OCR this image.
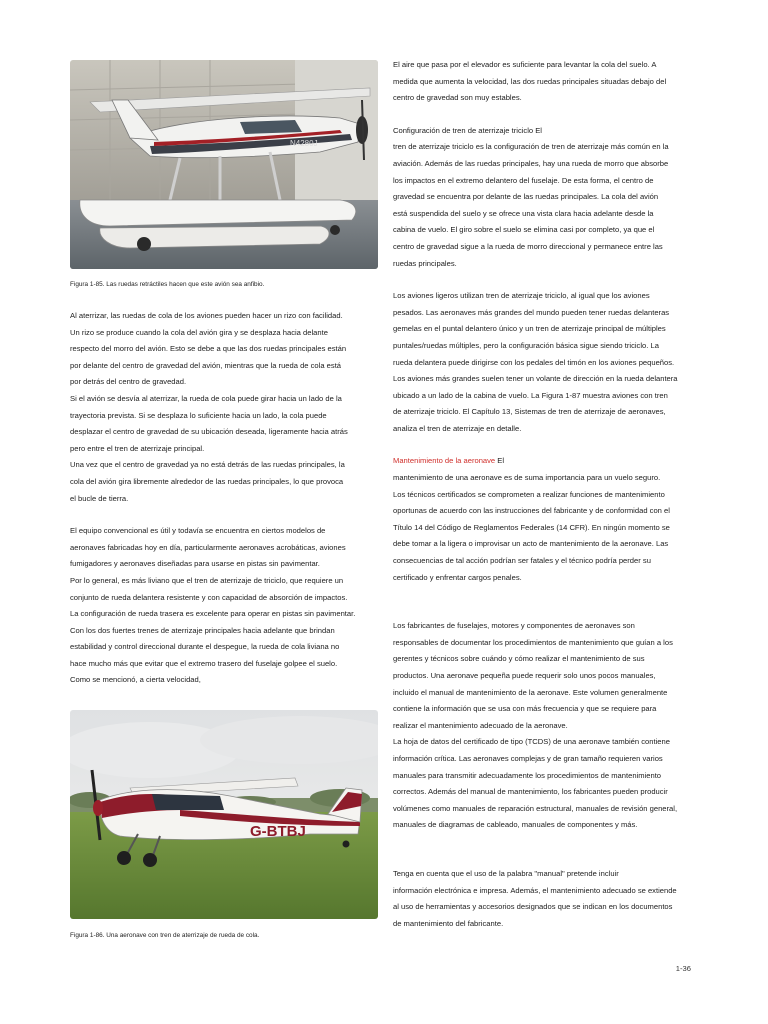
N4280J
Figura 1-85. Las ruedas retráctiles hacen que este avión sea anfibio.

Al aterrizar, las ruedas de cola de los aviones pueden hacer un rizo con facilidad.
Un rizo se produce cuando la cola del avión gira y se desplaza hacia delante
respecto del morro del avión. Esto se debe a que las dos ruedas principales están
por delante del centro de gravedad del avión, mientras que la rueda de cola está
por detrás del centro de gravedad.

Si el avión se desvía al aterrizar, la rueda de cola puede girar hacia un lado de la
trayectoria prevista. Si se desplaza lo suficiente hacia un lado, la cola puede
desplazar el centro de gravedad de su ubicación deseada, ligeramente hacia atrás
pero entre el tren de aterrizaje principal.

Una vez que el centro de gravedad ya no está detrás de las ruedas principales, la
cola del avión gira libremente alrededor de las ruedas principales, lo que provoca
el bucle de tierra.

El equipo convencional es útil y todavía se encuentra en ciertos modelos de
aeronaves fabricadas hoy en día, particularmente aeronaves acrobáticas, aviones
fumigadores y aeronaves diseñadas para usarse en pistas sin pavimentar.

Por lo general, es más liviano que el tren de aterrizaje de triciclo, que requiere un
conjunto de rueda delantera resistente y con capacidad de absorción de impactos.

La configuración de rueda trasera es excelente para operar en pistas sin pavimentar.
Con los dos fuertes trenes de aterrizaje principales hacia adelante que brindan
estabilidad y control direccional durante el despegue, la rueda de cola liviana no
hace mucho más que evitar que el extremo trasero del fuselaje golpee el suelo.

Como se mencionó, a cierta velocidad,

G-BTBJ
Figura 1-86. Una aeronave con tren de aterrizaje de rueda de cola.

El aire que pasa por el elevador es suficiente para levantar la cola del suelo. A
medida que aumenta la velocidad, las dos ruedas principales situadas debajo del
centro de gravedad son muy estables.

Configuración de tren de aterrizaje triciclo El

tren de aterrizaje triciclo es la configuración de tren de aterrizaje más común en la
aviación. Además de las ruedas principales, hay una rueda de morro que absorbe
los impactos en el extremo delantero del fuselaje. De esta forma, el centro de
gravedad se encuentra por delante de las ruedas principales. La cola del avión
está suspendida del suelo y se ofrece una vista clara hacia adelante desde la
cabina de vuelo. El giro sobre el suelo se elimina casi por completo, ya que el
centro de gravedad sigue a la rueda de morro direccional y permanece entre las
ruedas principales.

Los aviones ligeros utilizan tren de aterrizaje triciclo, al igual que los aviones
pesados. Las aeronaves más grandes del mundo pueden tener ruedas delanteras
gemelas en el puntal delantero único y un tren de aterrizaje principal de múltiples
puntales/ruedas múltiples, pero la configuración básica sigue siendo triciclo. La
rueda delantera puede dirigirse con los pedales del timón en los aviones pequeños.
Los aviones más grandes suelen tener un volante de dirección en la rueda delantera
ubicado a un lado de la cabina de vuelo. La Figura 1-87 muestra aviones con tren
de aterrizaje triciclo. El Capítulo 13, Sistemas de tren de aterrizaje de aeronaves,
analiza el tren de aterrizaje en detalle.

Mantenimiento de la aeronave El

mantenimiento de una aeronave es de suma importancia para un vuelo seguro.
Los técnicos certificados se comprometen a realizar funciones de mantenimiento
oportunas de acuerdo con las instrucciones del fabricante y de conformidad con el
Título 14 del Código de Reglamentos Federales (14 CFR). En ningún momento se
debe tomar a la ligera o improvisar un acto de mantenimiento de la aeronave. Las
consecuencias de tal acción podrían ser fatales y el técnico podría perder su
certificado y enfrentar cargos penales.

Los fabricantes de fuselajes, motores y componentes de aeronaves son
responsables de documentar los procedimientos de mantenimiento que guían a los
gerentes y técnicos sobre cuándo y cómo realizar el mantenimiento de sus
productos. Una aeronave pequeña puede requerir solo unos pocos manuales,
incluido el manual de mantenimiento de la aeronave. Este volumen generalmente
contiene la información que se usa con más frecuencia y que se requiere para
realizar el mantenimiento adecuado de la aeronave.

La hoja de datos del certificado de tipo (TCDS) de una aeronave también contiene
información crítica. Las aeronaves complejas y de gran tamaño requieren varios
manuales para transmitir adecuadamente los procedimientos de mantenimiento
correctos. Además del manual de mantenimiento, los fabricantes pueden producir
volúmenes como manuales de reparación estructural, manuales de revisión general,
manuales de diagramas de cableado, manuales de componentes y más.

Tenga en cuenta que el uso de la palabra "manual" pretende incluir
información electrónica e impresa. Además, el mantenimiento adecuado se extiende
al uso de herramientas y accesorios designados que se indican en los documentos
de mantenimiento del fabricante.

1-36
